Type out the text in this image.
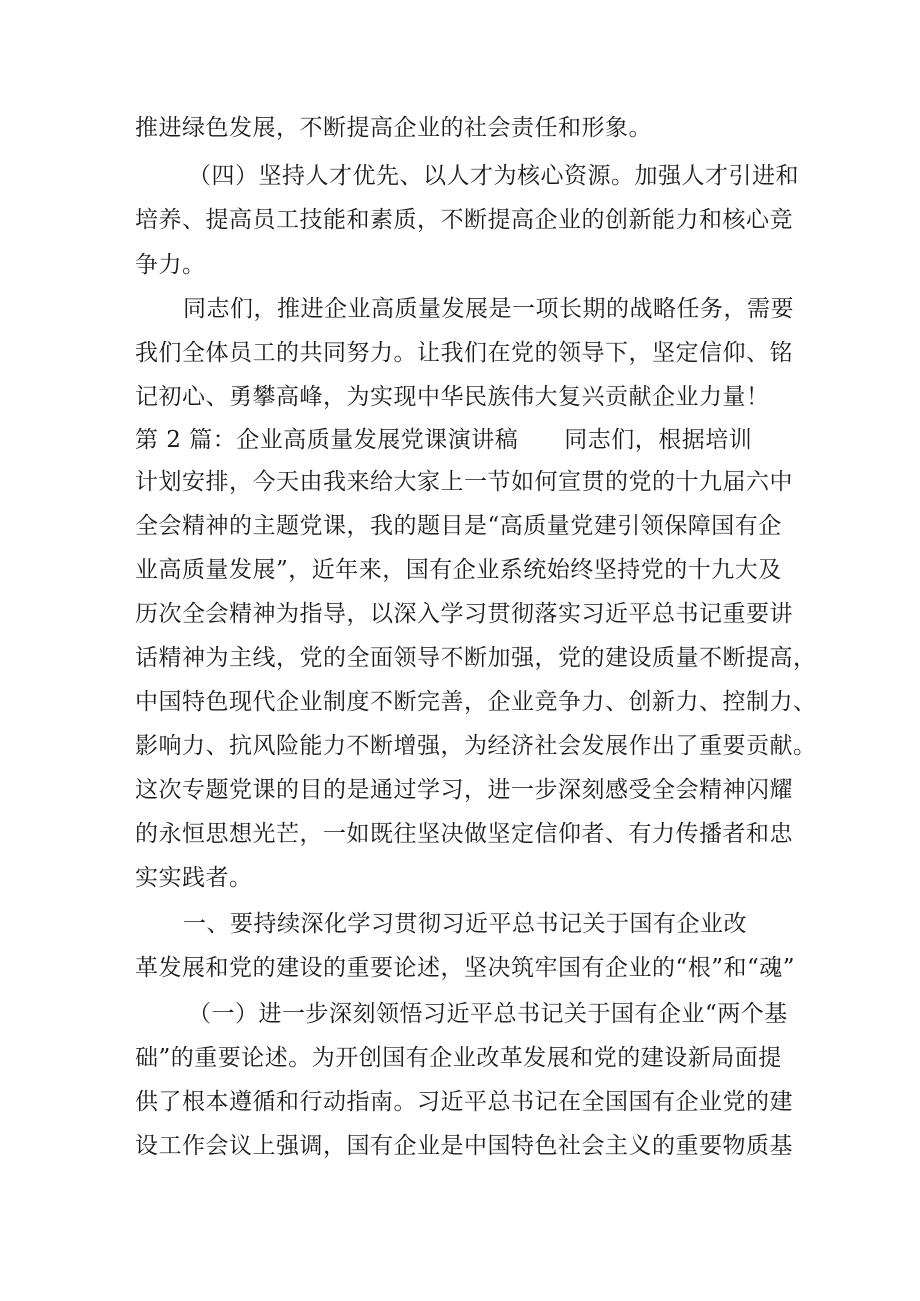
推进绿色发展，不断提高企业的社会责任和形象。
（四）坚持人才优先、以人才为核心资源。加强人才引进和
培养、提高员工技能和素质，不断提高企业的创新能力和核心竞
争力。
同志们，推进企业高质量发展是一项长期的战略任务，需要
我们全体员工的共同努力。让我们在党的领导下，坚定信仰、铭
记初心、勇攀高峰，为实现中华民族伟大复兴贡献企业力量！
第 2 篇：企业高质量发展党课演讲稿 同志们，根据培训
计划安排，今天由我来给大家上一节如何宣贯的党的十九届六中
全会精神的主题党课，我的题目是“高质量党建引领保障国有企
业高质量发展”，近年来，国有企业系统始终坚持党的十九大及
历次全会精神为指导，以深入学习贯彻落实习近平总书记重要讲
话精神为主线，党的全面领导不断加强，党的建设质量不断提高，
中国特色现代企业制度不断完善，企业竞争力、创新力、控制力、
影响力、抗风险能力不断增强，为经济社会发展作出了重要贡献。
这次专题党课的目的是通过学习，进一步深刻感受全会精神闪耀
的永恒思想光芒，一如既往坚决做坚定信仰者、有力传播者和忠
实实践者。
一、要持续深化学习贯彻习近平总书记关于国有企业改
革发展和党的建设的重要论述，坚决筑牢国有企业的“根”和“魂”
（一）进一步深刻领悟习近平总书记关于国有企业“两个基
础”的重要论述。为开创国有企业改革发展和党的建设新局面提
供了根本遵循和行动指南。习近平总书记在全国国有企业党的建
设工作会议上强调，国有企业是中国特色社会主义的重要物质基
